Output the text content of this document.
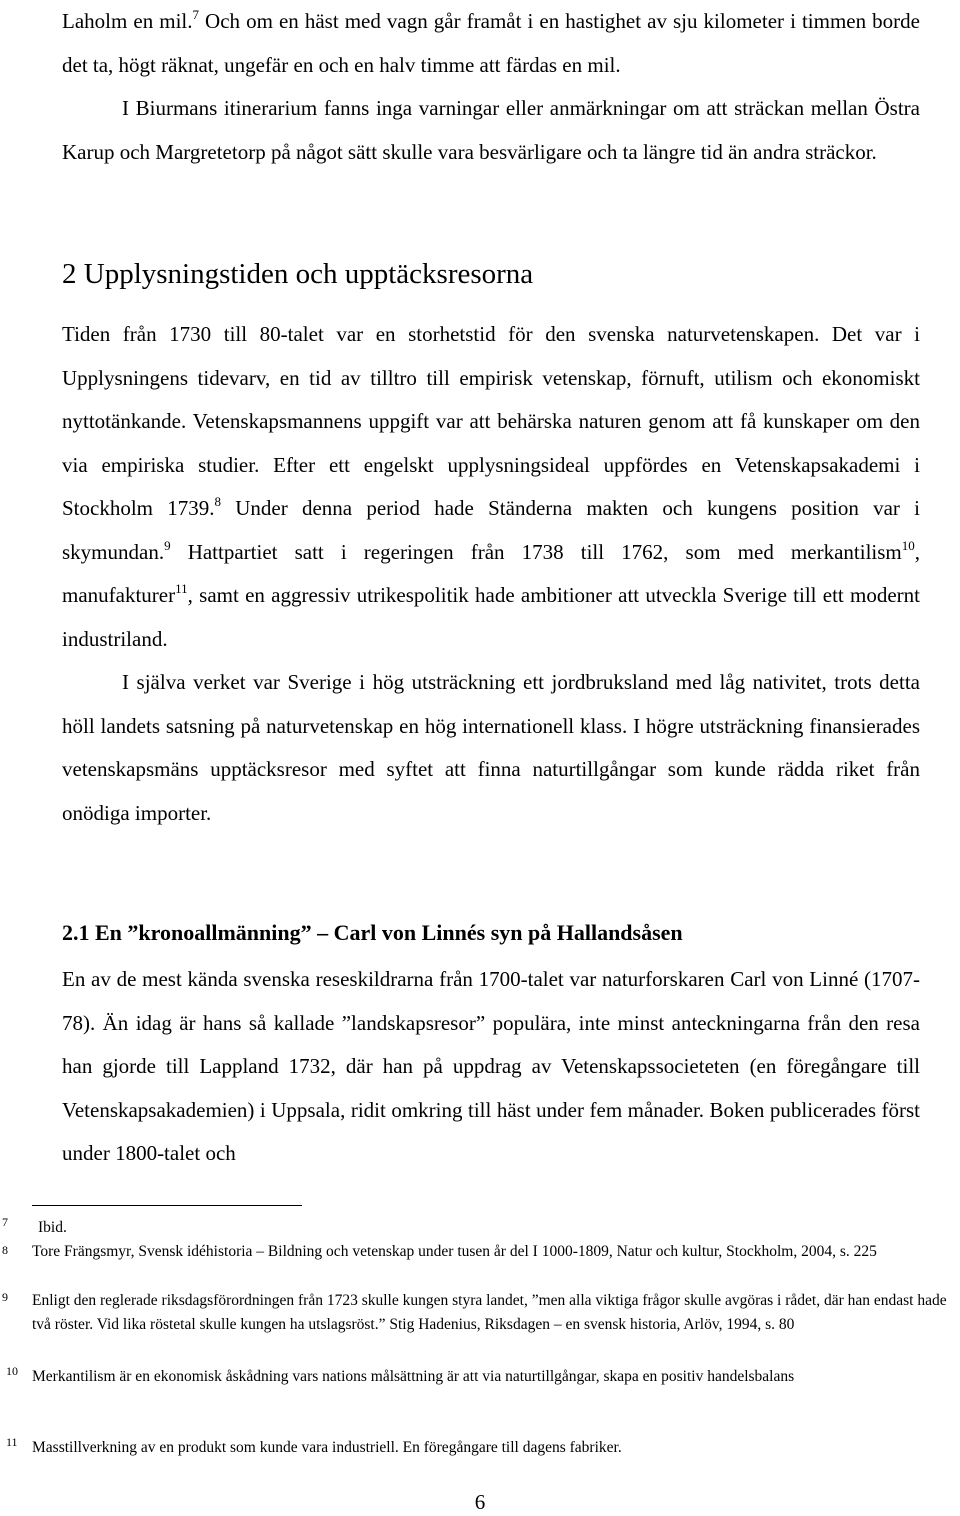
Laholm en mil.$^7$ Och om en häst med vagn går framåt i en hastighet av sju kilometer i timmen borde det ta, högt räknat, ungefär en och en halv timme att färdas en mil.

I Biurmans itinerarium fanns inga varningar eller anmärkningar om att sträckan mellan Östra Karup och Margretetorp på något sätt skulle vara besvärligare och ta längre tid än andra sträckor.

2 Upplysningstiden och upptäcksresorna

Tiden från 1730 till 80-talet var en storhetstid för den svenska naturvetenskapen. Det var i Upplysningens tidevarv, en tid av tilltro till empirisk vetenskap, förnuft, utilism och ekonomiskt nyttotänkande. Vetenskapsmannens uppgift var att behärska naturen genom att få kunskaper om den via empiriska studier. Efter ett engelskt upplysningsideal uppfördes en Vetenskapsakademi i Stockholm 1739.$^8$ Under denna period hade Ständerna makten och kungens position var i skymundan.$^9$ Hattpartiet satt i regeringen från 1738 till 1762, som med merkantilism$^{10}$, manufakturer$^{11}$, samt en aggressiv utrikespolitik hade ambitioner att utveckla Sverige till ett modernt industriland.

I själva verket var Sverige i hög utsträckning ett jordbruksland med låg nativitet, trots detta höll landets satsning på naturvetenskap en hög internationell klass. I högre utsträckning finansierades vetenskapsmäns upptäcksresor med syftet att finna naturtillgångar som kunde rädda riket från onödiga importer.

2.1 En ”kronoallmänning” – Carl von Linnés syn på Hallandsåsen

En av de mest kända svenska reseskildrarna från 1700-talet var naturforskaren Carl von Linné (1707-78). Än idag är hans så kallade ”landskapsresor” populära, inte minst anteckningarna från den resa han gjorde till Lappland 1732, där han på uppdrag av Vetenskapssocieteten (en föregångare till Vetenskapsakademien) i Uppsala, ridit omkring till häst under fem månader. Boken publicerades först under 1800-talet och

7 Ibid.
8 Tore Frängsmyr, Svensk idéhistoria – Bildning och vetenskap under tusen år del I 1000-1809, Natur och kultur, Stockholm, 2004, s. 225
9 Enligt den reglerade riksdagsförordningen från 1723 skulle kungen styra landet, ”men alla viktiga frågor skulle avgöras i rådet, där han endast hade två röster. Vid lika röstetal skulle kungen ha utslagsröst.” Stig Hadenius, Riksdagen – en svensk historia, Arlöv, 1994, s. 80
10 Merkantilism är en ekonomisk åskådning vars nations målsättning är att via naturtillgångar, skapa en positiv handelsbalans
11 Masstillverkning av en produkt som kunde vara industriell. En föregångare till dagens fabriker.
6
